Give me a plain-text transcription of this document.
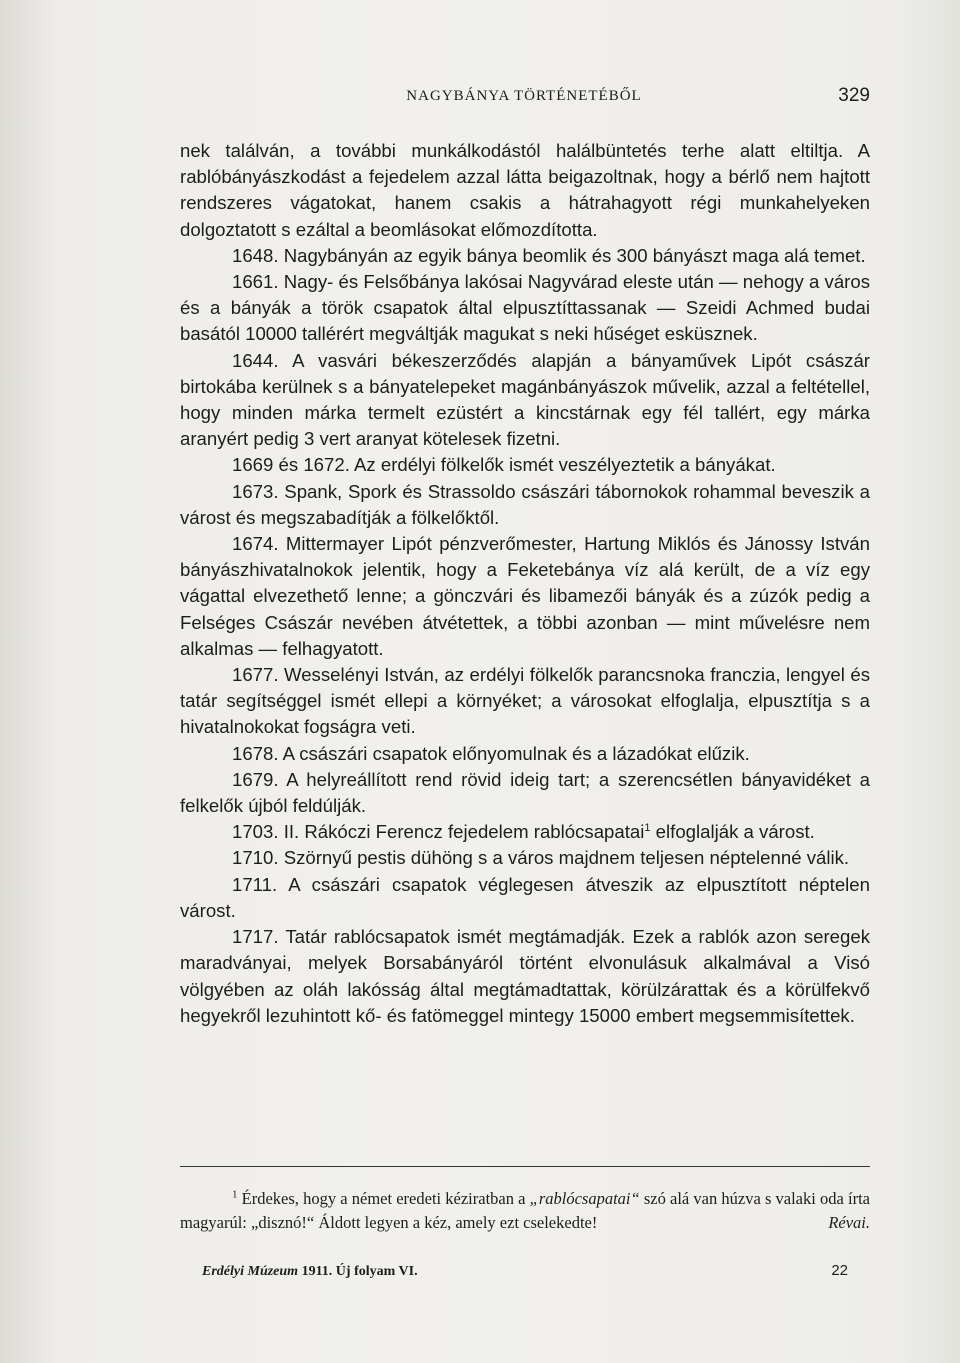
NAGYBÁNYA TÖRTÉNETÉBŐL	329

nek találván, a további munkálkodástól halálbüntetés terhe alatt eltiltja. A rablóbányászkodást a fejedelem azzal látta beigazoltnak, hogy a bérlő nem hajtott rendszeres vágatokat, hanem csakis a hátrahagyott régi munkahelyeken dolgoztatott s ezáltal a beomlásokat előmozdította.

1648. Nagybányán az egyik bánya beomlik és 300 bányászt maga alá temet.

1661. Nagy- és Felsőbánya lakósai Nagyvárad eleste után — nehogy a város és a bányák a török csapatok által elpusztíttassanak — Szeidi Achmed budai basától 10000 tallérért megváltják magukat s neki hűséget esküsznek.

1644. A vasvári békeszerződés alapján a bányaművek Lipót császár birtokába kerülnek s a bányatelepeket magánbányászok művelik, azzal a feltétellel, hogy minden márka termelt ezüstért a kincstárnak egy fél tallért, egy márka aranyért pedig 3 vert aranyat kötelesek fizetni.

1669 és 1672. Az erdélyi fölkelők ismét veszélyeztetik a bányákat.

1673. Spank, Spork és Strassoldo császári tábornokok rohammal beveszik a várost és megszabadítják a fölkelőktől.

1674. Mittermayer Lipót pénzverőmester, Hartung Miklós és Jánossy István bányászhivatalnokok jelentik, hogy a Feketebánya víz alá került, de a víz egy vágattal elvezethető lenne; a gönczvári és libamezői bányák és a zúzók pedig a Felséges Császár nevében átvétettek, a többi azonban — mint művelésre nem alkalmas — felhagyatott.

1677. Wesselényi István, az erdélyi fölkelők parancsnoka franczia, lengyel és tatár segítséggel ismét ellepi a környéket; a városokat elfoglalja, elpusztítja s a hivatalnokokat fogságra veti.

1678. A császári csapatok előnyomulnak és a lázadókat elűzik.

1679. A helyreállított rend rövid ideig tart; a szerencsétlen bányavidéket a felkelők újból feldúlják.

1703. II. Rákóczi Ferencz fejedelem rablócsapatai$^1$ elfoglalják a várost.

1710. Szörnyű pestis dühöng s a város majdnem teljesen néptelenné válik.

1711. A császári csapatok véglegesen átveszik az elpusztított néptelen várost.

1717. Tatár rablócsapatok ismét megtámadják. Ezek a rablók azon seregek maradványai, melyek Borsabányáról történt elvonulásuk alkalmával a Visó völgyében az oláh lakósság által megtámadtattak, körülzárattak és a körülfekvő hegyekről lezuhintott kő- és fatömeggel mintegy 15000 embert megsemmisítettek.

$^1$ Érdekes, hogy a német eredeti kéziratban a „rablócsapatai“ szó alá van húzva s valaki oda írta magyarúl: „disznó!“ Áldott legyen a kéz, amely ezt cselekedte!	Révai.

Erdélyi Múzeum 1911. Új folyam VI.	22
